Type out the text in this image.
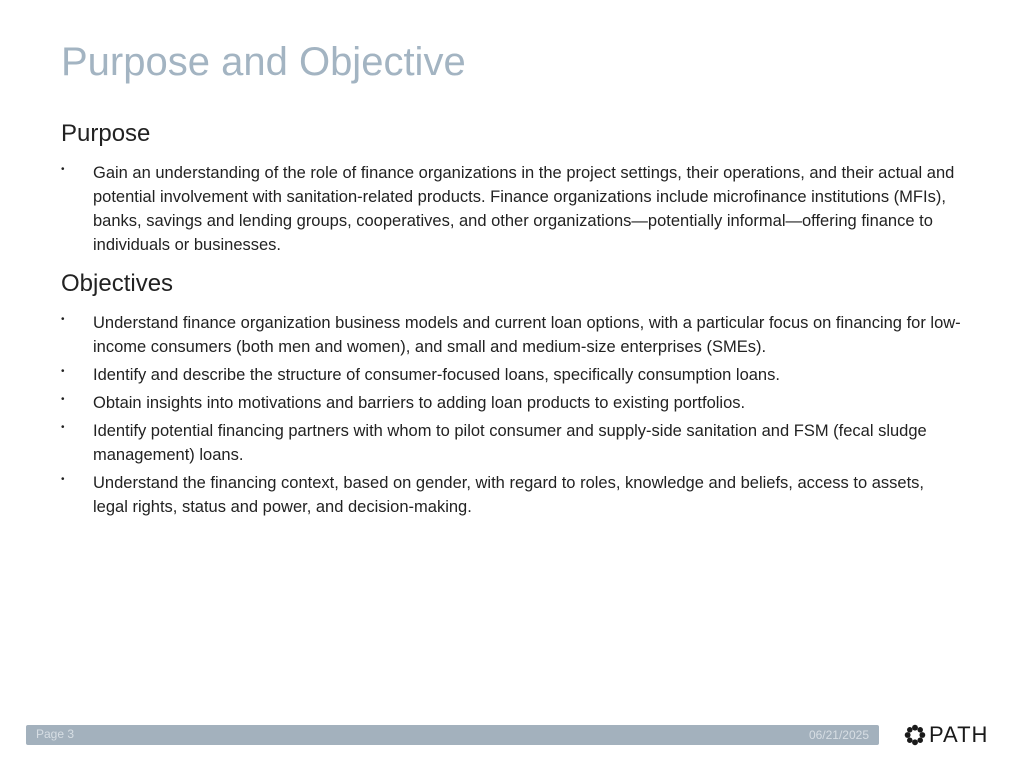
Purpose and Objective
Purpose
• Gain an understanding of the role of finance organizations in the project settings, their operations, and their actual and potential involvement with sanitation-related products. Finance organizations include microfinance institutions (MFIs), banks, savings and lending groups, cooperatives, and other organizations—potentially informal—offering finance to individuals or businesses.
Objectives
• Understand finance organization business models and current loan options, with a particular focus on financing for low-income consumers (both men and women), and small and medium-size enterprises (SMEs).
• Identify and describe the structure of consumer-focused loans, specifically consumption loans.
• Obtain insights into motivations and barriers to adding loan products to existing portfolios.
• Identify potential financing partners with whom to pilot consumer and supply-side sanitation and FSM (fecal sludge management) loans.
• Understand the financing context, based on gender, with regard to roles, knowledge and beliefs, access to assets, legal rights, status and power, and decision-making.
Page 3	06/21/2025	PATH
